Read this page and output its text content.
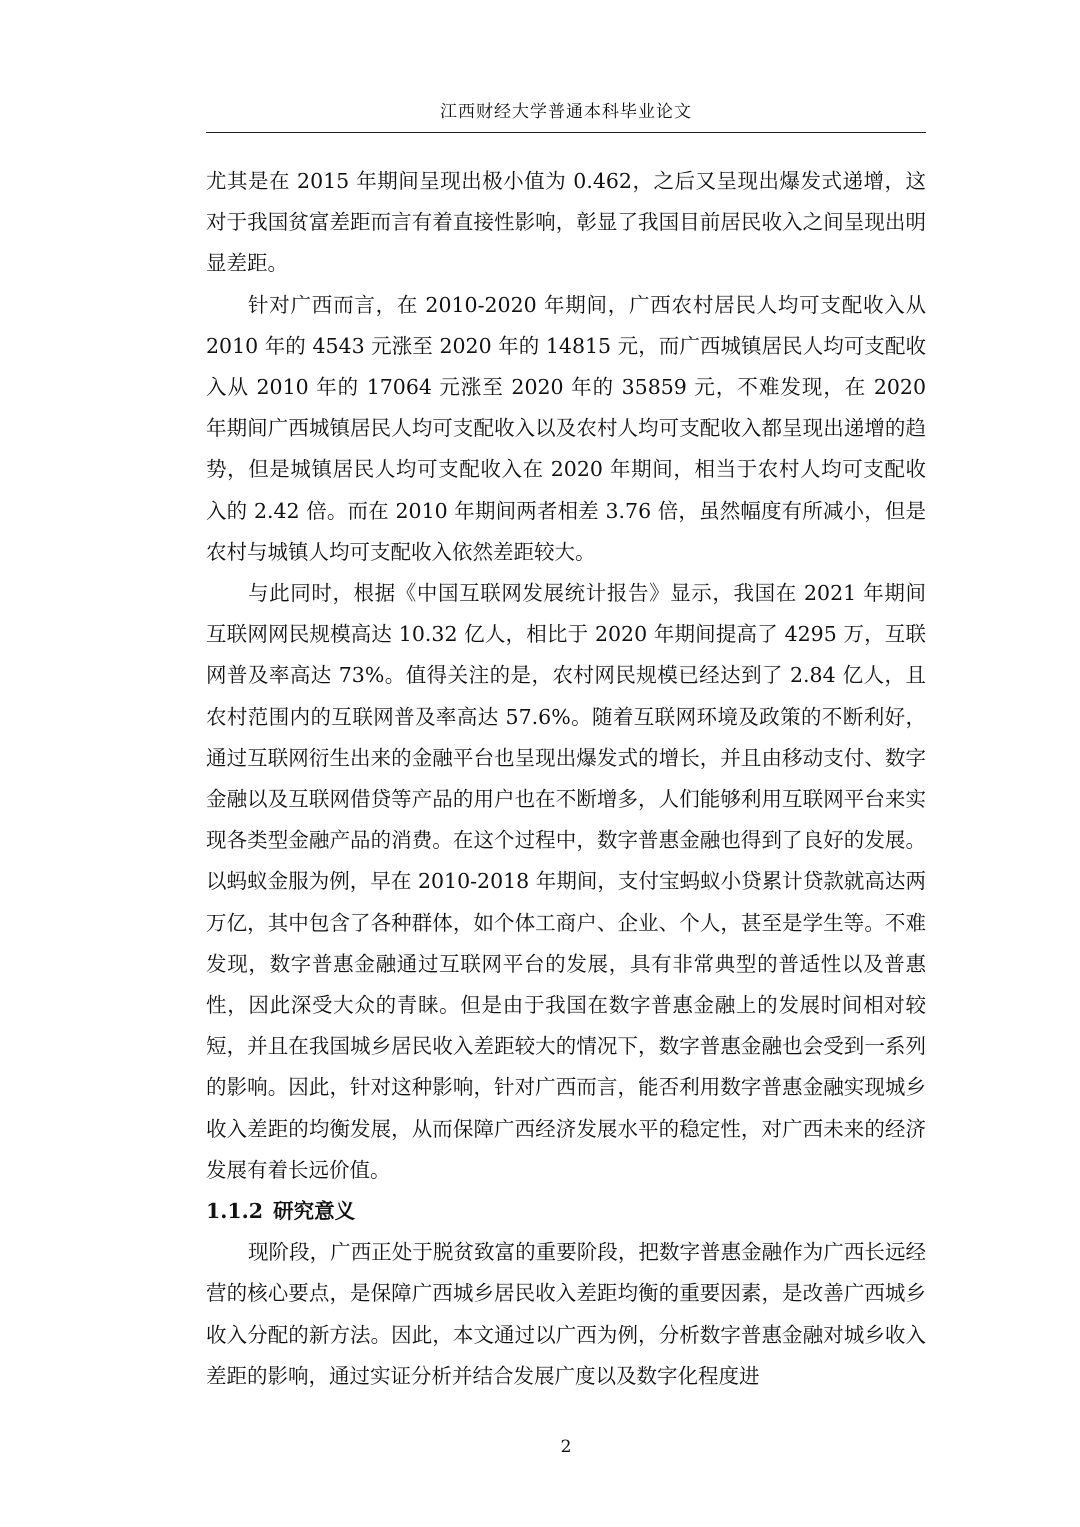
江西财经大学普通本科毕业论文

尤其是在 2015 年期间呈现出极小值为 0.462，之后又呈现出爆发式递增，这对于我国贫富差距而言有着直接性影响，彰显了我国目前居民收入之间呈现出明显差距。

针对广西而言，在 2010-2020 年期间，广西农村居民人均可支配收入从 2010 年的 4543 元涨至 2020 年的 14815 元，而广西城镇居民人均可支配收入从 2010 年的 17064 元涨至 2020 年的 35859 元，不难发现，在 2020 年期间广西城镇居民人均可支配收入以及农村人均可支配收入都呈现出递增的趋势，但是城镇居民人均可支配收入在 2020 年期间，相当于农村人均可支配收入的 2.42 倍。而在 2010 年期间两者相差 3.76 倍，虽然幅度有所减小，但是农村与城镇人均可支配收入依然差距较大。

与此同时，根据《中国互联网发展统计报告》显示，我国在 2021 年期间互联网网民规模高达 10.32 亿人，相比于 2020 年期间提高了 4295 万，互联网普及率高达 73%。值得关注的是，农村网民规模已经达到了 2.84 亿人，且农村范围内的互联网普及率高达 57.6%。随着互联网环境及政策的不断利好，通过互联网衍生出来的金融平台也呈现出爆发式的增长，并且由移动支付、数字金融以及互联网借贷等产品的用户也在不断增多，人们能够利用互联网平台来实现各类型金融产品的消费。在这个过程中，数字普惠金融也得到了良好的发展。以蚂蚁金服为例，早在 2010-2018 年期间，支付宝蚂蚁小贷累计贷款就高达两万亿，其中包含了各种群体，如个体工商户、企业、个人，甚至是学生等。不难发现，数字普惠金融通过互联网平台的发展，具有非常典型的普适性以及普惠性，因此深受大众的青睐。但是由于我国在数字普惠金融上的发展时间相对较短，并且在我国城乡居民收入差距较大的情况下，数字普惠金融也会受到一系列的影响。因此，针对这种影响，针对广西而言，能否利用数字普惠金融实现城乡收入差距的均衡发展，从而保障广西经济发展水平的稳定性，对广西未来的经济发展有着长远价值。

1.1.2 研究意义

现阶段，广西正处于脱贫致富的重要阶段，把数字普惠金融作为广西长远经营的核心要点，是保障广西城乡居民收入差距均衡的重要因素，是改善广西城乡收入分配的新方法。因此，本文通过以广西为例，分析数字普惠金融对城乡收入差距的影响，通过实证分析并结合发展广度以及数字化程度进

2
